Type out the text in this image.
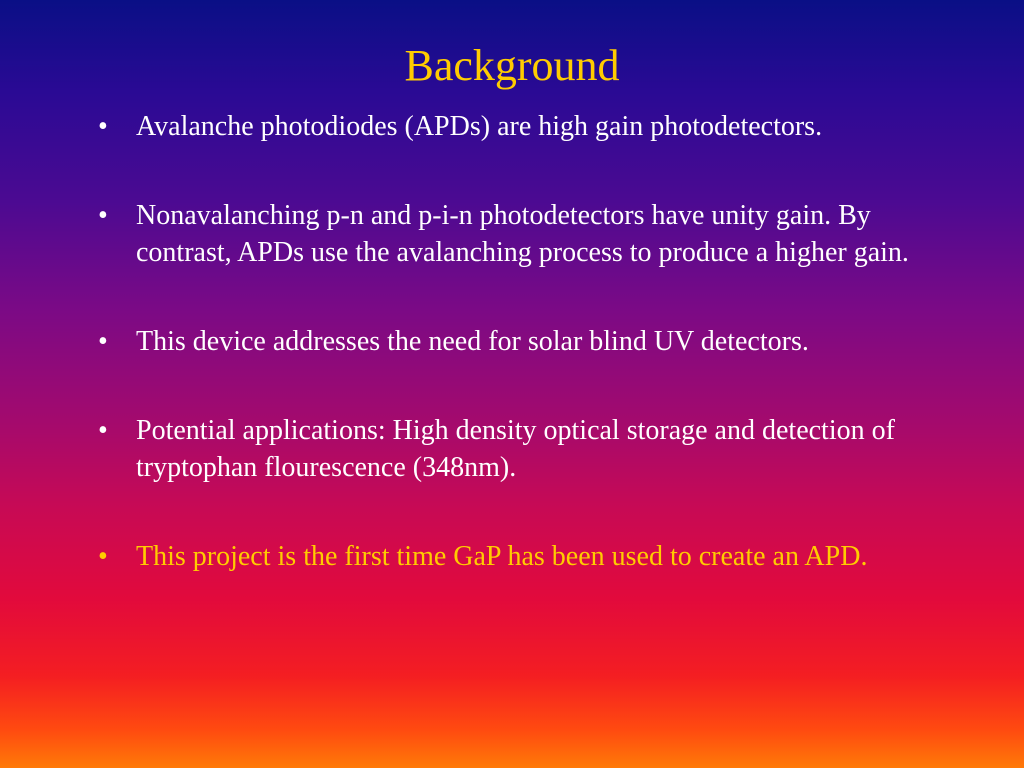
Background
•	Avalanche photodiodes (APDs) are high gain photodetectors.
•	Nonavalanching p-n and p-i-n photodetectors have unity gain. By contrast, APDs use the avalanching process to produce a higher gain.
•	This device addresses the need for solar blind UV detectors.
•	Potential applications: High density optical storage and detection of tryptophan flourescence (348nm).
•	This project is the first time GaP has been used to create an APD.
